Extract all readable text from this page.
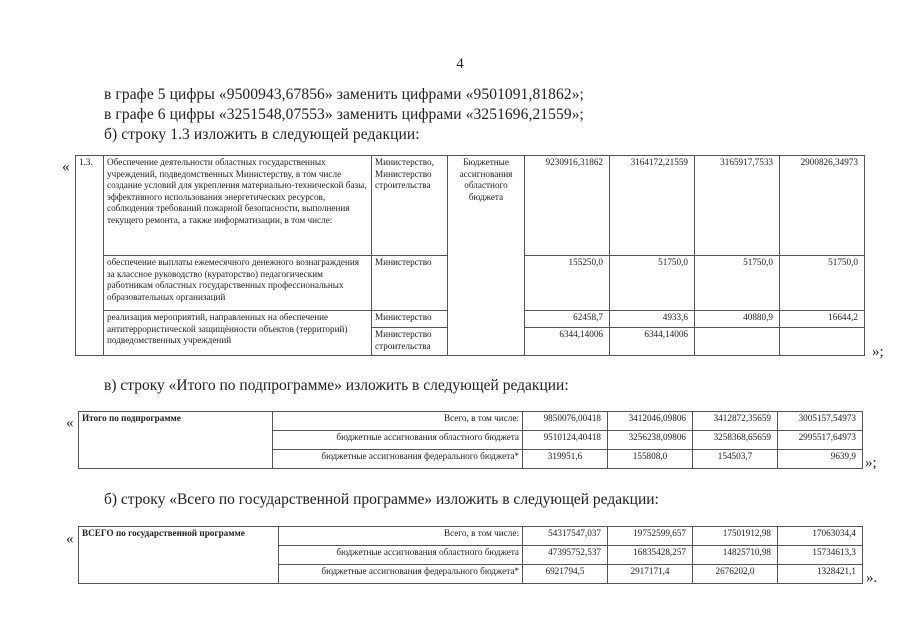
4
в графе 5 цифры «9500943,67856» заменить цифрами «9501091,81862»;
в графе 6 цифры «3251548,07553» заменить цифрами «3251696,21559»;
б) строку 1.3 изложить в следующей редакции:
« 1.3.	Обеспечение деятельности областных государственных учреждений, подведомственных Министерству, в том числе создание условий для укрепления материально-технической базы, эффективного использования энергетических ресурсов, соблюдения требований пожарной безопасности, выполнения текущего ремонта, а также информатизации, в том числе:	Министерство, Министерство строительства	Бюджетные ассигнования областного бюджета	9230916,31862	3164172,21559	3165917,7533	2900826,34973
	обеспечение выплаты ежемесячного денежного вознаграждения за классное руководство (кураторство) педагогическим работникам областных государственных профессиональных образовательных организаций	Министерство		155250,0	51750,0	51750,0	51750,0
	реализация мероприятий, направленных на обеспечение антитеррористической защищённости объектов (территорий) подведомственных учреждений	Министерство		62458,7	4933,6	40880,9	16644,2
		Министерство строительства		6344,14006	6344,14006		
»;
в) строку «Итого по подпрограмме» изложить в следующей редакции:
« Итого по подпрограмме	Всего, в том числе:	9850076,00418	3412046,09806	3412872,35659	3005157,54973
	бюджетные ассигнования областного бюджета	9510124,40418	3256238,09806	3258368,65659	2995517,64973
	бюджетные ассигнования федерального бюджета*	319951,6	155808,0	154503,7	9639,9 »;
б) строку «Всего по государственной программе» изложить в следующей редакции:
« ВСЕГО по государственной программе	Всего, в том числе:	54317547,037	19752599,657	17501912,98	17063034,4
	бюджетные ассигнования областного бюджета	47395752,537	16835428,257	14825710,98	15734613,3
	бюджетные ассигнования федерального бюджета*	6921794,5	2917171,4	2676202,0	1328421,1 ».
